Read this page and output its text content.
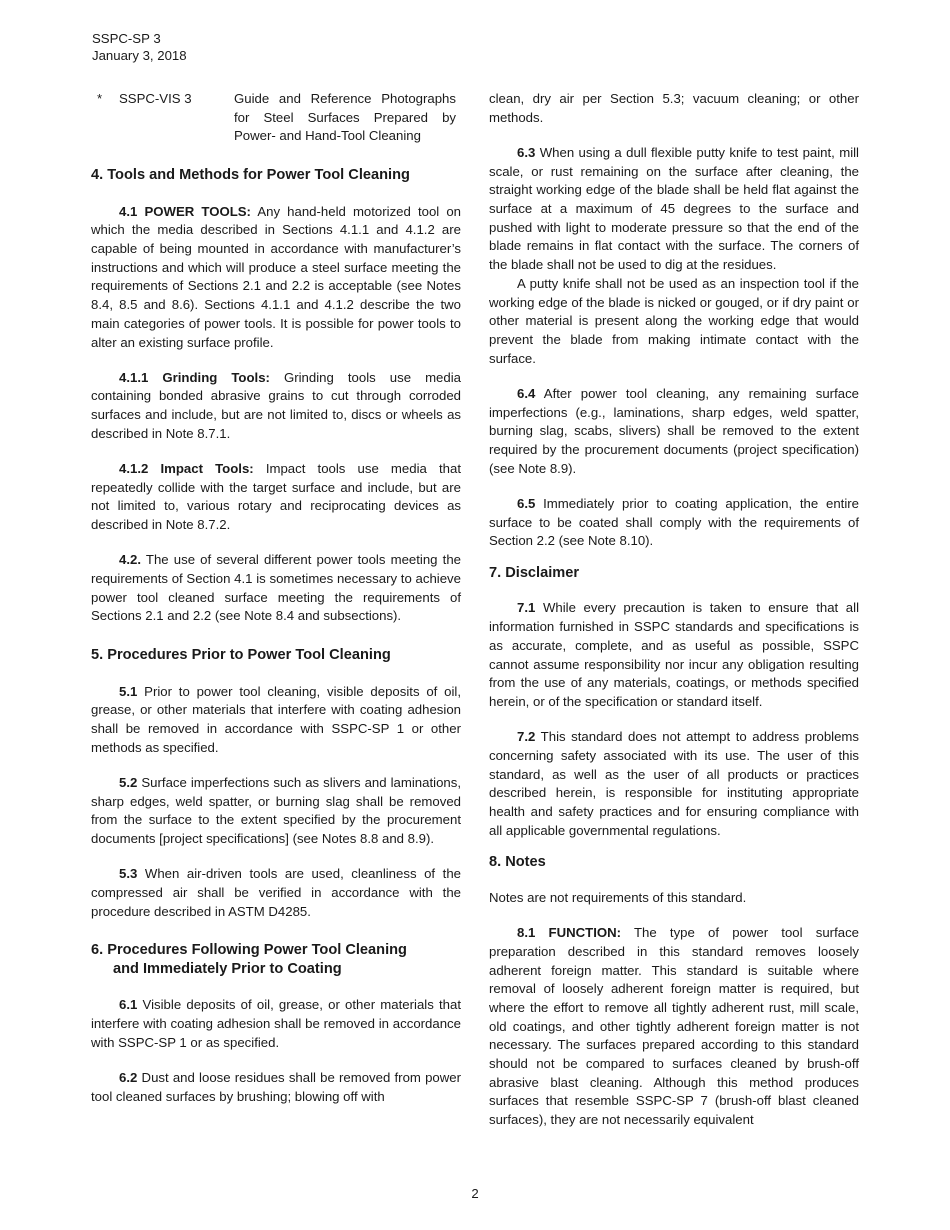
SSPC-SP 3
January 3, 2018
*	SSPC-VIS 3	Guide and Reference Photographs for Steel Surfaces Prepared by Power- and Hand-Tool Cleaning
4. Tools and Methods for Power Tool Cleaning

4.1 POWER TOOLS: Any hand-held motorized tool on which the media described in Sections 4.1.1 and 4.1.2 are capable of being mounted in accordance with manufacturer’s instructions and which will produce a steel surface meeting the requirements of Sections 2.1 and 2.2 is acceptable (see Notes 8.4, 8.5 and 8.6). Sections 4.1.1 and 4.1.2 describe the two main categories of power tools. It is possible for power tools to alter an existing surface profile.

4.1.1 Grinding Tools: Grinding tools use media containing bonded abrasive grains to cut through corroded surfaces and include, but are not limited to, discs or wheels as described in Note 8.7.1.

4.1.2 Impact Tools: Impact tools use media that repeatedly collide with the target surface and include, but are not limited to, various rotary and reciprocating devices as described in Note 8.7.2.

4.2. The use of several different power tools meeting the requirements of Section 4.1 is sometimes necessary to achieve power tool cleaned surface meeting the requirements of Sections 2.1 and 2.2 (see Note 8.4 and subsections).

5. Procedures Prior to Power Tool Cleaning

5.1 Prior to power tool cleaning, visible deposits of oil, grease, or other materials that interfere with coating adhesion shall be removed in accordance with SSPC-SP 1 or other methods as specified.

5.2 Surface imperfections such as slivers and laminations, sharp edges, weld spatter, or burning slag shall be removed from the surface to the extent specified by the procurement documents [project specifications] (see Notes 8.8 and 8.9).

5.3 When air-driven tools are used, cleanliness of the compressed air shall be verified in accordance with the procedure described in ASTM D4285.

6. Procedures Following Power Tool Cleaning
and Immediately Prior to Coating

6.1 Visible deposits of oil, grease, or other materials that interfere with coating adhesion shall be removed in accordance with SSPC-SP 1 or as specified.

6.2 Dust and loose residues shall be removed from power tool cleaned surfaces by brushing; blowing off with

clean, dry air per Section 5.3; vacuum cleaning; or other methods.

6.3 When using a dull flexible putty knife to test paint, mill scale, or rust remaining on the surface after cleaning, the straight working edge of the blade shall be held flat against the surface at a maximum of 45 degrees to the surface and pushed with light to moderate pressure so that the end of the blade remains in flat contact with the surface. The corners of the blade shall not be used to dig at the residues.

A putty knife shall not be used as an inspection tool if the working edge of the blade is nicked or gouged, or if dry paint or other material is present along the working edge that would prevent the blade from making intimate contact with the surface.

6.4 After power tool cleaning, any remaining surface imperfections (e.g., laminations, sharp edges, weld spatter, burning slag, scabs, slivers) shall be removed to the extent required by the procurement documents (project specification) (see Note 8.9).

6.5 Immediately prior to coating application, the entire surface to be coated shall comply with the requirements of Section 2.2 (see Note 8.10).

7. Disclaimer

7.1 While every precaution is taken to ensure that all information furnished in SSPC standards and specifications is as accurate, complete, and as useful as possible, SSPC cannot assume responsibility nor incur any obligation resulting from the use of any materials, coatings, or methods specified herein, or of the specification or standard itself.

7.2 This standard does not attempt to address problems concerning safety associated with its use. The user of this standard, as well as the user of all products or practices described herein, is responsible for instituting appropriate health and safety practices and for ensuring compliance with all applicable governmental regulations.

8. Notes

Notes are not requirements of this standard.

8.1 FUNCTION: The type of power tool surface preparation described in this standard removes loosely adherent foreign matter. This standard is suitable where removal of loosely adherent foreign matter is required, but where the effort to remove all tightly adherent rust, mill scale, old coatings, and other tightly adherent foreign matter is not necessary. The surfaces prepared according to this standard should not be compared to surfaces cleaned by brush-off abrasive blast cleaning. Although this method produces surfaces that resemble SSPC-SP 7 (brush-off blast cleaned surfaces), they are not necessarily equivalent

2
